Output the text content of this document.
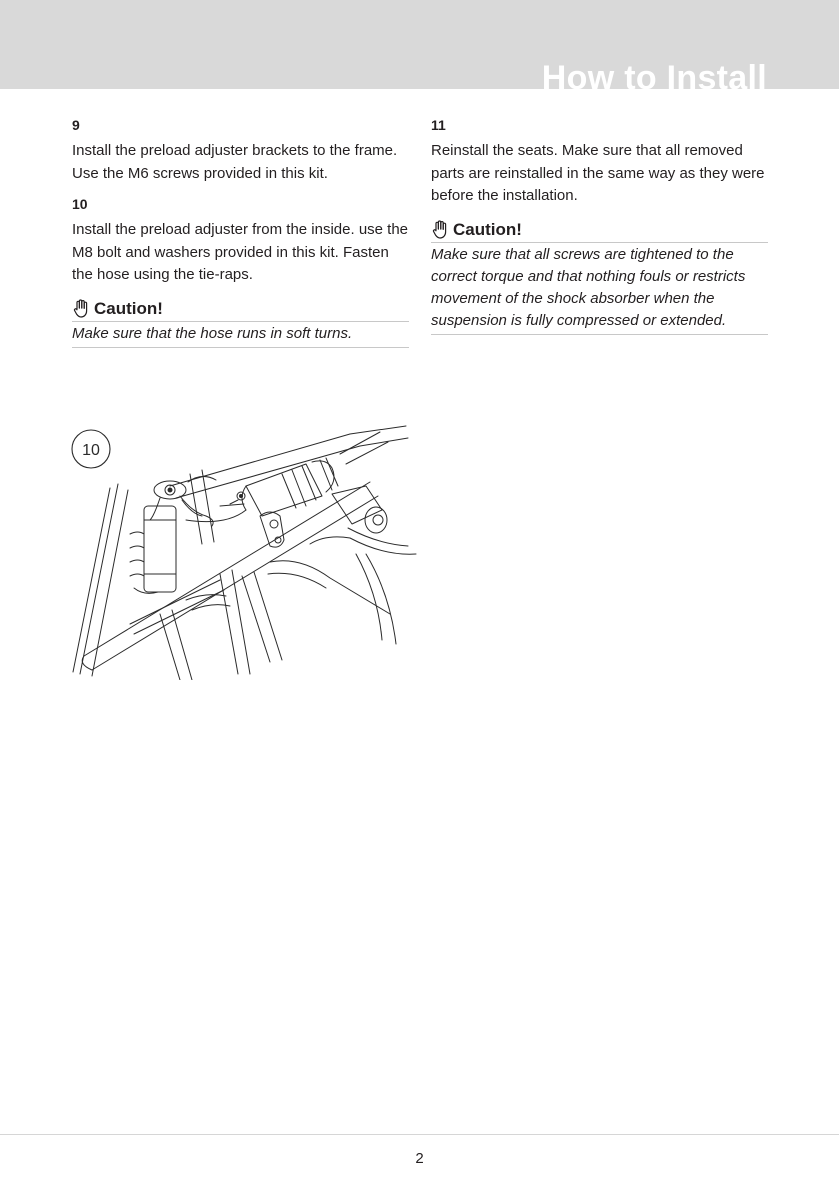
How to Install

9

Install the preload adjuster brackets to the frame. Use the M6 screws provided in this kit.

10

Install the preload adjuster from the inside. use the M8 bolt and washers provided in this kit. Fasten the hose using the tie-raps.

Caution!

Make sure that the hose runs in soft turns.

11

Reinstall the seats. Make sure that all removed parts are reinstalled in the same way as they were before the installation.

Caution!

Make sure that all screws are tightened to the correct torque and that nothing fouls or restricts movement of the shock absorber when the suspension is fully compressed or extended.

10
2
